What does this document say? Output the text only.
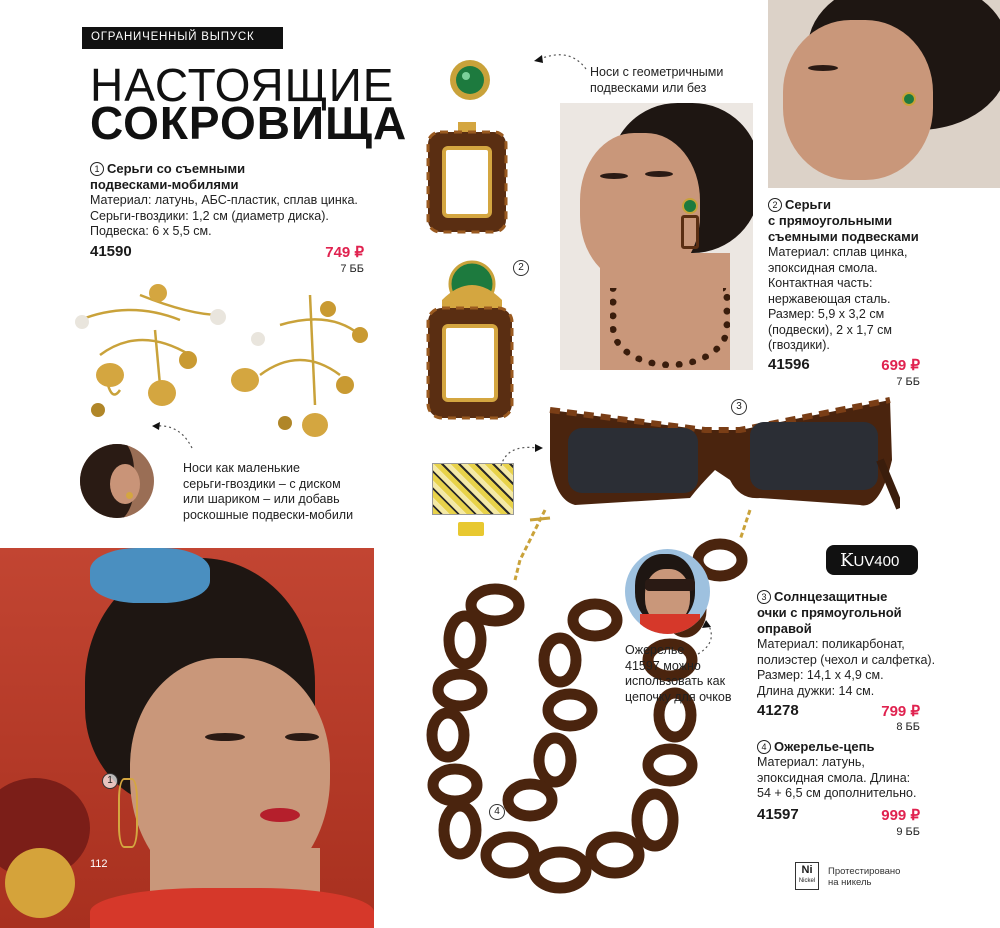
ОГРАНИЧЕННЫЙ ВЫПУСК
НАСТОЯЩИЕ
СОКРОВИЩА
1 Серьги со съемными
подвесками-мобилями
Материал: латунь, АБС-пластик, сплав цинка.
Серьги-гвоздики: 1,2 см (диаметр диска).
Подвеска: 6 х 5,5 см.
41590	749 ₽
7 ББ
Носи как маленькие
серьги-гвоздики – с диском
или шариком – или добавь
роскошные подвески-мобили
1
112
2
Носи с геометричными
подвесками или без
2 Серьги
с прямоугольными
съемными подвесками
Материал: сплав цинка,
эпоксидная смола.
Контактная часть:
нержавеющая сталь.
Размер: 5,9 х 3,2 см
(подвески), 2 х 1,7 см
(гвоздики).
41596	699 ₽
7 ББ
3
KUV400
4
Ожерелье
41597 можно
использовать как
цепочку для очков
3 Солнцезащитные
очки с прямоугольной
оправой
Материал: поликарбонат,
полиэстер (чехол и салфетка).
Размер: 14,1 х 4,9 см.
Длина дужки: 14 см.
41278	799 ₽
8 ББ
4 Ожерелье-цепь
Материал: латунь,
эпоксидная смола. Длина:
54 + 6,5 см дополнительно.
41597	999 ₽
9 ББ
Ni
Nickel
Протестировано
на никель
